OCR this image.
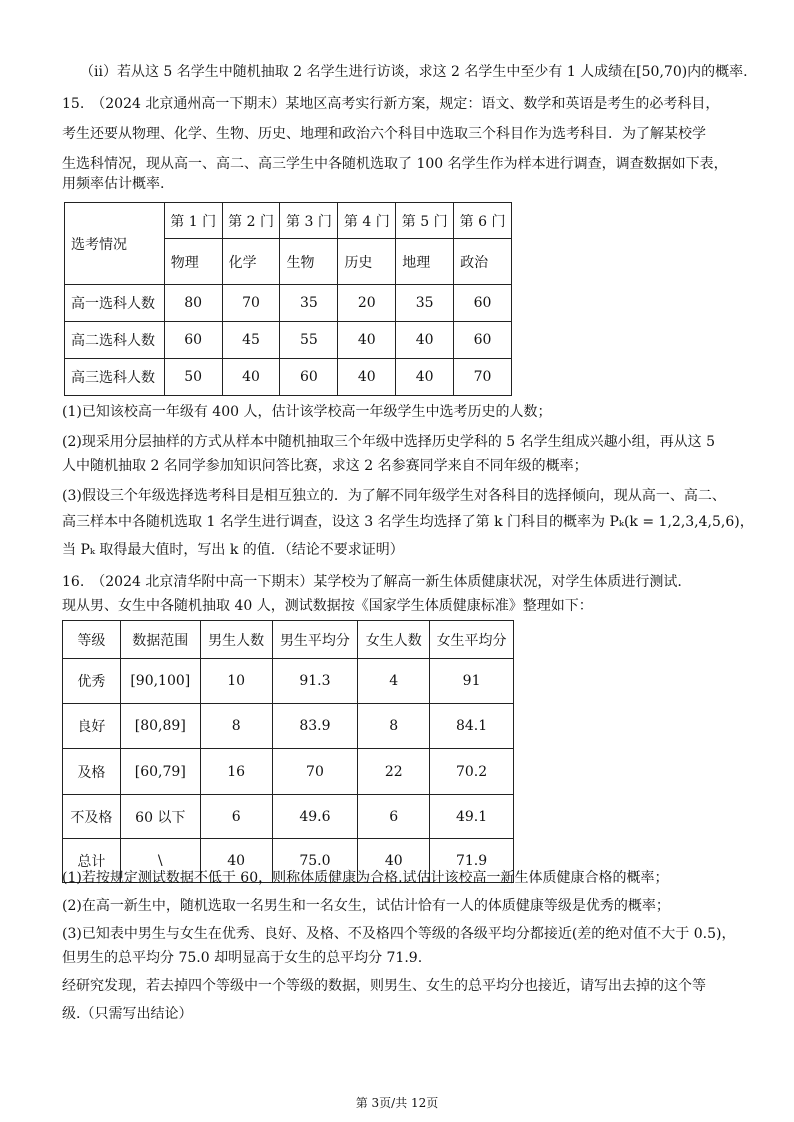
（ⅱ）若从这 5 名学生中随机抽取 2 名学生进行访谈，求这 2 名学生中至少有 1 人成绩在[50,70)内的概率.
15.　（2024 北京通州高一下期末）某地区高考实行新方案，规定：语文、数学和英语是考生的必考科目，
考生还要从物理、化学、生物、历史、地理和政治六个科目中选取三个科目作为选考科目．为了解某校学
生选科情况，现从高一、高二、高三学生中各随机选取了 100 名学生作为样本进行调查，调查数据如下表，
用频率估计概率.
选考情况	第 1 门	第 2 门	第 3 门	第 4 门	第 5 门	第 6 门
	物理	化学	生物	历史	地理	政治
高一选科人数	80	70	35	20	35	60
高二选科人数	60	45	55	40	40	60
高三选科人数	50	40	60	40	40	70
(1)已知该校高一年级有 400 人，估计该学校高一年级学生中选考历史的人数；
(2)现采用分层抽样的方式从样本中随机抽取三个年级中选择历史学科的 5 名学生组成兴趣小组，再从这 5
人中随机抽取 2 名同学参加知识问答比赛，求这 2 名参赛同学来自不同年级的概率；
(3)假设三个年级选择选考科目是相互独立的．为了解不同年级学生对各科目的选择倾向，现从高一、高二、
高三样本中各随机选取 1 名学生进行调查，设这 3 名学生均选择了第 k 门科目的概率为 Pₖ(k = 1,2,3,4,5,6)，
当 Pₖ 取得最大值时，写出 k 的值．（结论不要求证明）
16.　（2024 北京清华附中高一下期末）某学校为了解高一新生体质健康状况，对学生体质进行测试.
现从男、女生中各随机抽取 40 人，测试数据按《国家学生体质健康标准》整理如下：
等级	数据范围	男生人数	男生平均分	女生人数	女生平均分
优秀	[90,100]	10	91.3	4	91
良好	[80,89]	8	83.9	8	84.1
及格	[60,79]	16	70	22	70.2
不及格	60 以下	6	49.6	6	49.1
总计	\	40	75.0	40	71.9
(1)若按规定测试数据不低于 60，则称体质健康为合格.试估计该校高一新生体质健康合格的概率；
(2)在高一新生中，随机选取一名男生和一名女生，试估计恰有一人的体质健康等级是优秀的概率；
(3)已知表中男生与女生在优秀、良好、及格、不及格四个等级的各级平均分都接近(差的绝对值不大于 0.5)，
但男生的总平均分 75.0 却明显高于女生的总平均分 71.9.
经研究发现，若去掉四个等级中一个等级的数据，则男生、女生的总平均分也接近，请写出去掉的这个等
级.（只需写出结论）
第 3页/共 12页
